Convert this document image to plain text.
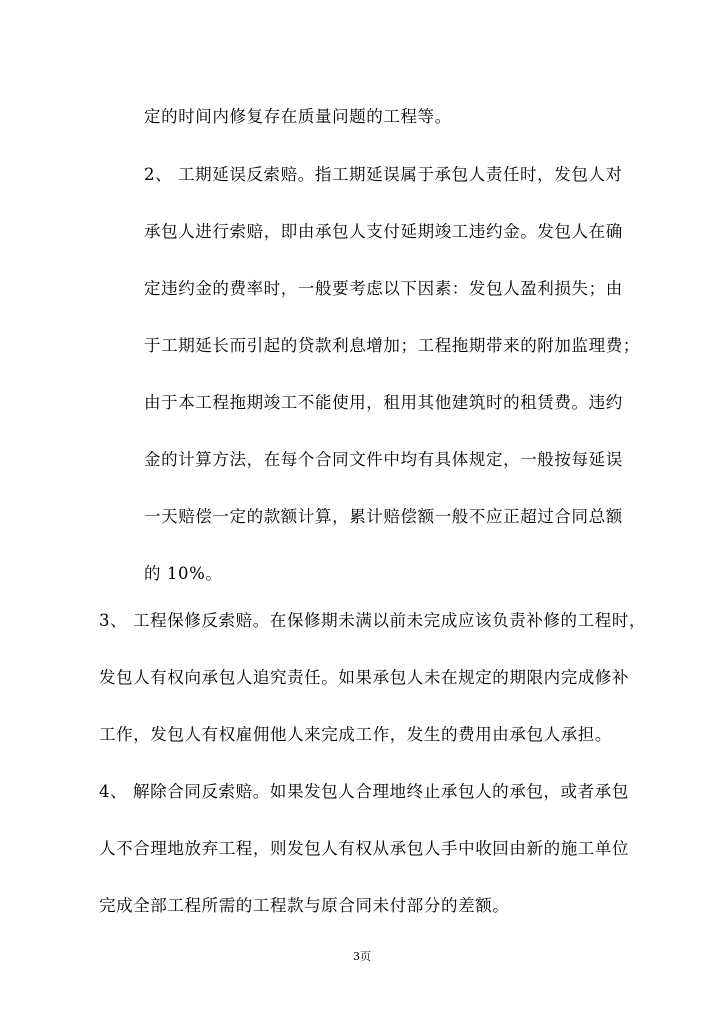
定的时间内修复存在质量问题的工程等。
2、 工期延误反索赔。指工期延误属于承包人责任时，发包人对
承包人进行索赔，即由承包人支付延期竣工违约金。发包人在确
定违约金的费率时，一般要考虑以下因素：发包人盈利损失；由
于工期延长而引起的贷款利息增加；工程拖期带来的附加监理费；
由于本工程拖期竣工不能使用，租用其他建筑时的租赁费。违约
金的计算方法，在每个合同文件中均有具体规定，一般按每延误
一天赔偿一定的款额计算，累计赔偿额一般不应正超过合同总额
的 10%。
3、 工程保修反索赔。在保修期未满以前未完成应该负责补修的工程时，
发包人有权向承包人追究责任。如果承包人未在规定的期限内完成修补
工作，发包人有权雇佣他人来完成工作，发生的费用由承包人承担。
4、 解除合同反索赔。如果发包人合理地终止承包人的承包，或者承包
人不合理地放弃工程，则发包人有权从承包人手中收回由新的施工单位
完成全部工程所需的工程款与原合同未付部分的差额。
3页
